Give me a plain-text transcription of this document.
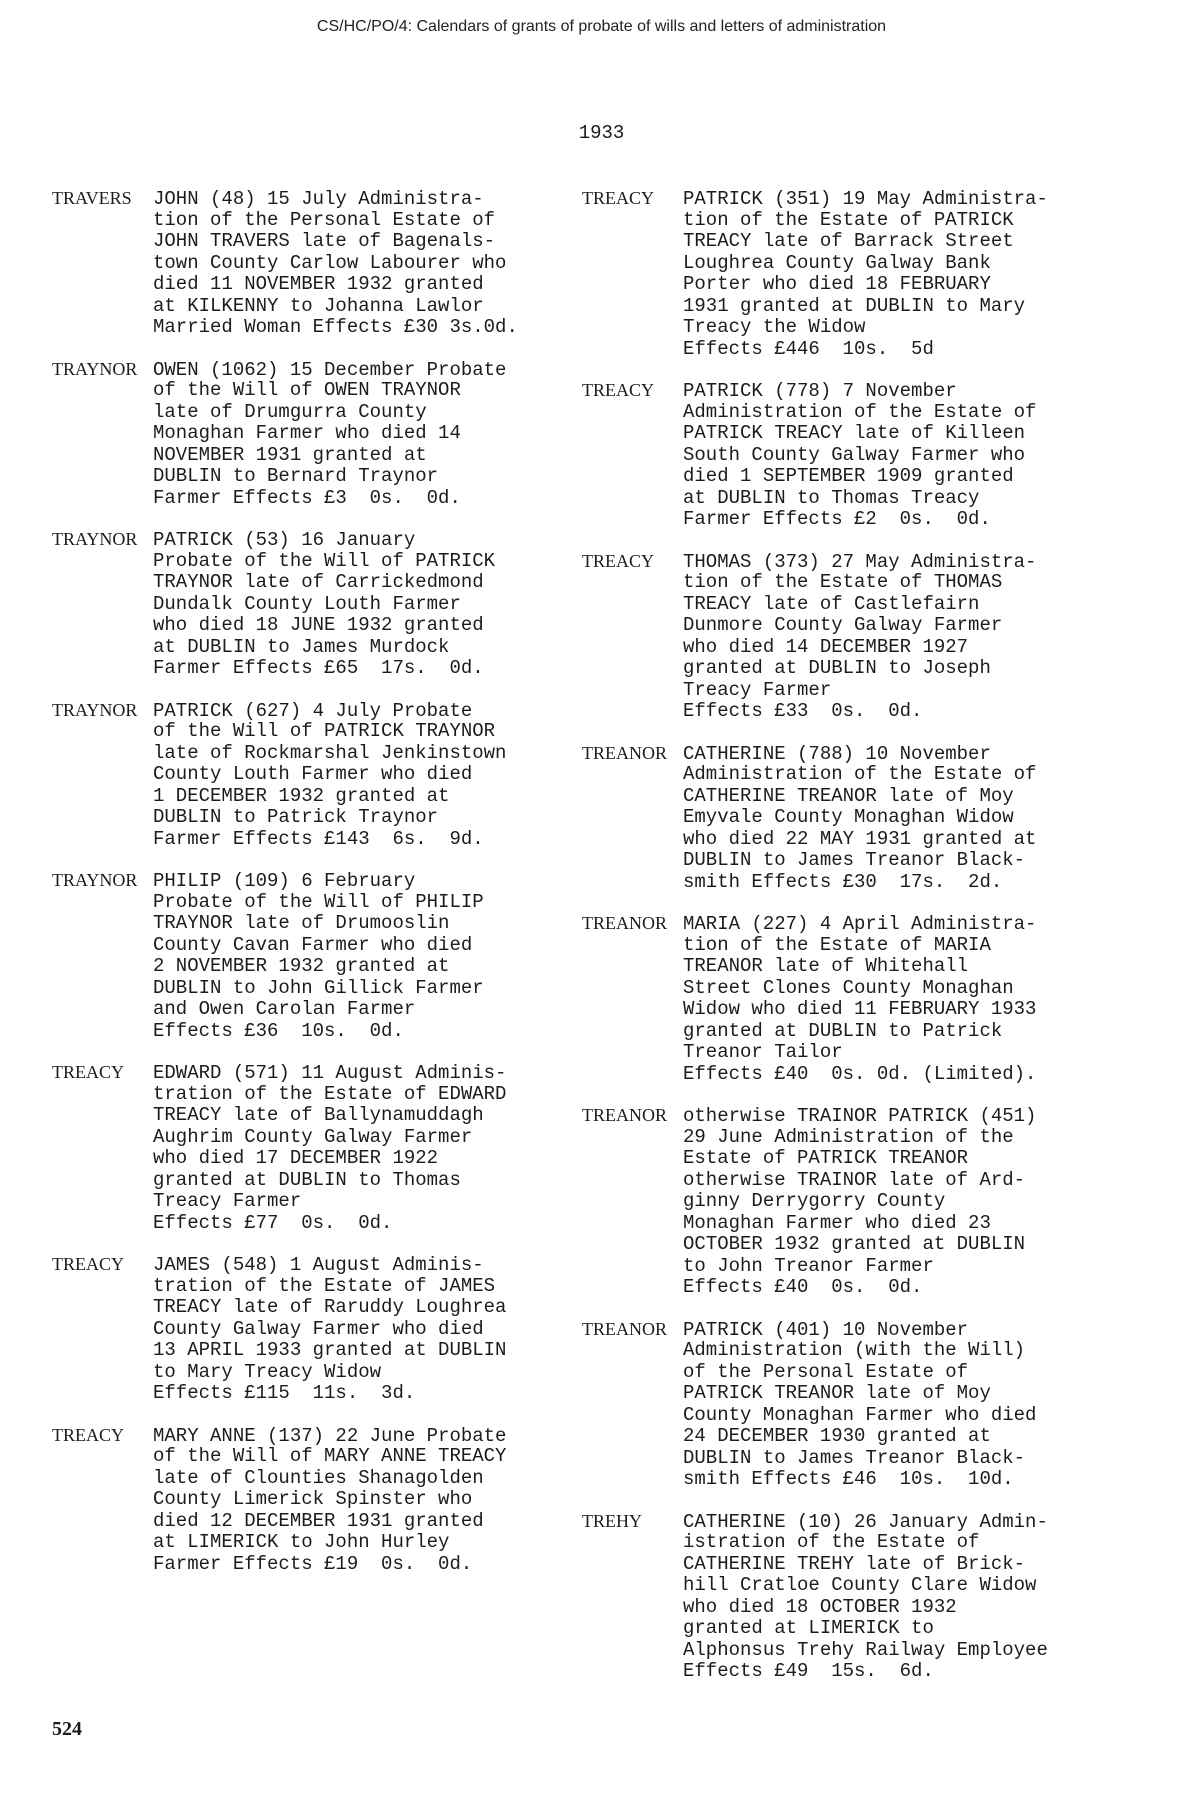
CS/HC/PO/4: Calendars of grants of probate of wills and letters of administration
1933
TRAVERS JOHN (48) 15 July Administra-
tion of the Personal Estate of
JOHN TRAVERS late of Bagenals-
town County Carlow Labourer who
died 11 NOVEMBER 1932 granted
at KILKENNY to Johanna Lawlor
Married Woman Effects £30 3s.0d.
TRAYNOR OWEN (1062) 15 December Probate
of the Will of OWEN TRAYNOR
late of Drumgurra County
Monaghan Farmer who died 14
NOVEMBER 1931 granted at
DUBLIN to Bernard Traynor
Farmer Effects £3  0s.  0d.
TRAYNOR PATRICK (53) 16 January
Probate of the Will of PATRICK
TRAYNOR late of Carrickedmond
Dundalk County Louth Farmer
who died 18 JUNE 1932 granted
at DUBLIN to James Murdock
Farmer Effects £65  17s.  0d.
TRAYNOR PATRICK (627) 4 July Probate
of the Will of PATRICK TRAYNOR
late of Rockmarshal Jenkinstown
County Louth Farmer who died
1 DECEMBER 1932 granted at
DUBLIN to Patrick Traynor
Farmer Effects £143  6s.  9d.
TRAYNOR PHILIP (109) 6 February
Probate of the Will of PHILIP
TRAYNOR late of Drumooslin
County Cavan Farmer who died
2 NOVEMBER 1932 granted at
DUBLIN to John Gillick Farmer
and Owen Carolan Farmer
Effects £36  10s.  0d.
TREACY EDWARD (571) 11 August Adminis-
tration of the Estate of EDWARD
TREACY late of Ballynamuddagh
Aughrim County Galway Farmer
who died 17 DECEMBER 1922
granted at DUBLIN to Thomas
Treacy Farmer
Effects £77  0s.  0d.
TREACY JAMES (548) 1 August Adminis-
tration of the Estate of JAMES
TREACY late of Raruddy Loughrea
County Galway Farmer who died
13 APRIL 1933 granted at DUBLIN
to Mary Treacy Widow
Effects £115  11s.  3d.
TREACY MARY ANNE (137) 22 June Probate
of the Will of MARY ANNE TREACY
late of Clounties Shanagolden
County Limerick Spinster who
died 12 DECEMBER 1931 granted
at LIMERICK to John Hurley
Farmer Effects £19  0s.  0d.
TREACY PATRICK (351) 19 May Administra-
tion of the Estate of PATRICK
TREACY late of Barrack Street
Loughrea County Galway Bank
Porter who died 18 FEBRUARY
1931 granted at DUBLIN to Mary
Treacy the Widow
Effects £446  10s.  5d
TREACY PATRICK (778) 7 November
Administration of the Estate of
PATRICK TREACY late of Killeen
South County Galway Farmer who
died 1 SEPTEMBER 1909 granted
at DUBLIN to Thomas Treacy
Farmer Effects £2  0s.  0d.
TREACY THOMAS (373) 27 May Administra-
tion of the Estate of THOMAS
TREACY late of Castlefairn
Dunmore County Galway Farmer
who died 14 DECEMBER 1927
granted at DUBLIN to Joseph
Treacy Farmer
Effects £33  0s.  0d.
TREANOR CATHERINE (788) 10 November
Administration of the Estate of
CATHERINE TREANOR late of Moy
Emyvale County Monaghan Widow
who died 22 MAY 1931 granted at
DUBLIN to James Treanor Black-
smith Effects £30  17s.  2d.
TREANOR MARIA (227) 4 April Administra-
tion of the Estate of MARIA
TREANOR late of Whitehall
Street Clones County Monaghan
Widow who died 11 FEBRUARY 1933
granted at DUBLIN to Patrick
Treanor Tailor
Effects £40  0s. 0d. (Limited).
TREANOR otherwise TRAINOR PATRICK (451)
29 June Administration of the
Estate of PATRICK TREANOR
otherwise TRAINOR late of Ard-
ginny Derrygorry County
Monaghan Farmer who died 23
OCTOBER 1932 granted at DUBLIN
to John Treanor Farmer
Effects £40  0s.  0d.
TREANOR PATRICK (401) 10 November
Administration (with the Will)
of the Personal Estate of
PATRICK TREANOR late of Moy
County Monaghan Farmer who died
24 DECEMBER 1930 granted at
DUBLIN to James Treanor Black-
smith Effects £46  10s.  10d.
TREHY CATHERINE (10) 26 January Admin-
istration of the Estate of
CATHERINE TREHY late of Brick-
hill Cratloe County Clare Widow
who died 18 OCTOBER 1932
granted at LIMERICK to
Alphonsus Trehy Railway Employee
Effects £49  15s.  6d.
524
